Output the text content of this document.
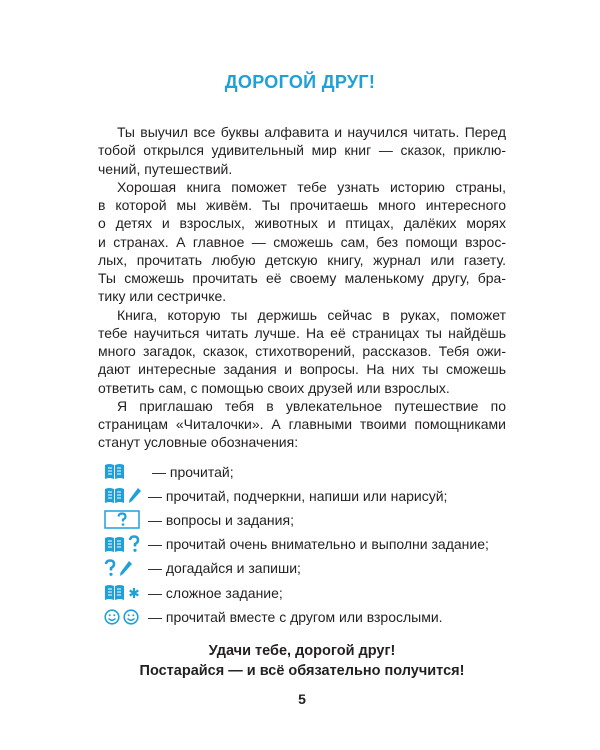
ДОРОГОЙ ДРУГ!
Ты выучил все буквы алфавита и научился читать. Перед
тобой открылся удивительный мир книг — сказок, приклю-
чений, путешествий.
Хорошая книга поможет тебе узнать историю страны,
в которой мы живём. Ты прочитаешь много интересного
о детях и взрослых, животных и птицах, далёких морях
и странах. А главное — сможешь сам, без помощи взрос-
лых, прочитать любую детскую книгу, журнал или газету.
Ты сможешь прочитать её своему маленькому другу, бра-
тику или сестричке.
Книга, которую ты держишь сейчас в руках, поможет
тебе научиться читать лучше. На её страницах ты найдёшь
много загадок, сказок, стихотворений, рассказов. Тебя ожи-
дают интересные задания и вопросы. На них ты сможешь
ответить сам, с помощью своих друзей или взрослых.
Я приглашаю тебя в увлекательное путешествие по
страницам «Читалочки». А главными твоими помощниками
станут условные обозначения:
— прочитай;
— прочитай, подчеркни, напиши или нарисуй;
— вопросы и задания;
— прочитай очень внимательно и выполни задание;
— догадайся и запиши;
— сложное задание;
— прочитай вместе с другом или взрослыми.
Удачи тебе, дорогой друг!
Постарайся — и всё обязательно получится!
5
